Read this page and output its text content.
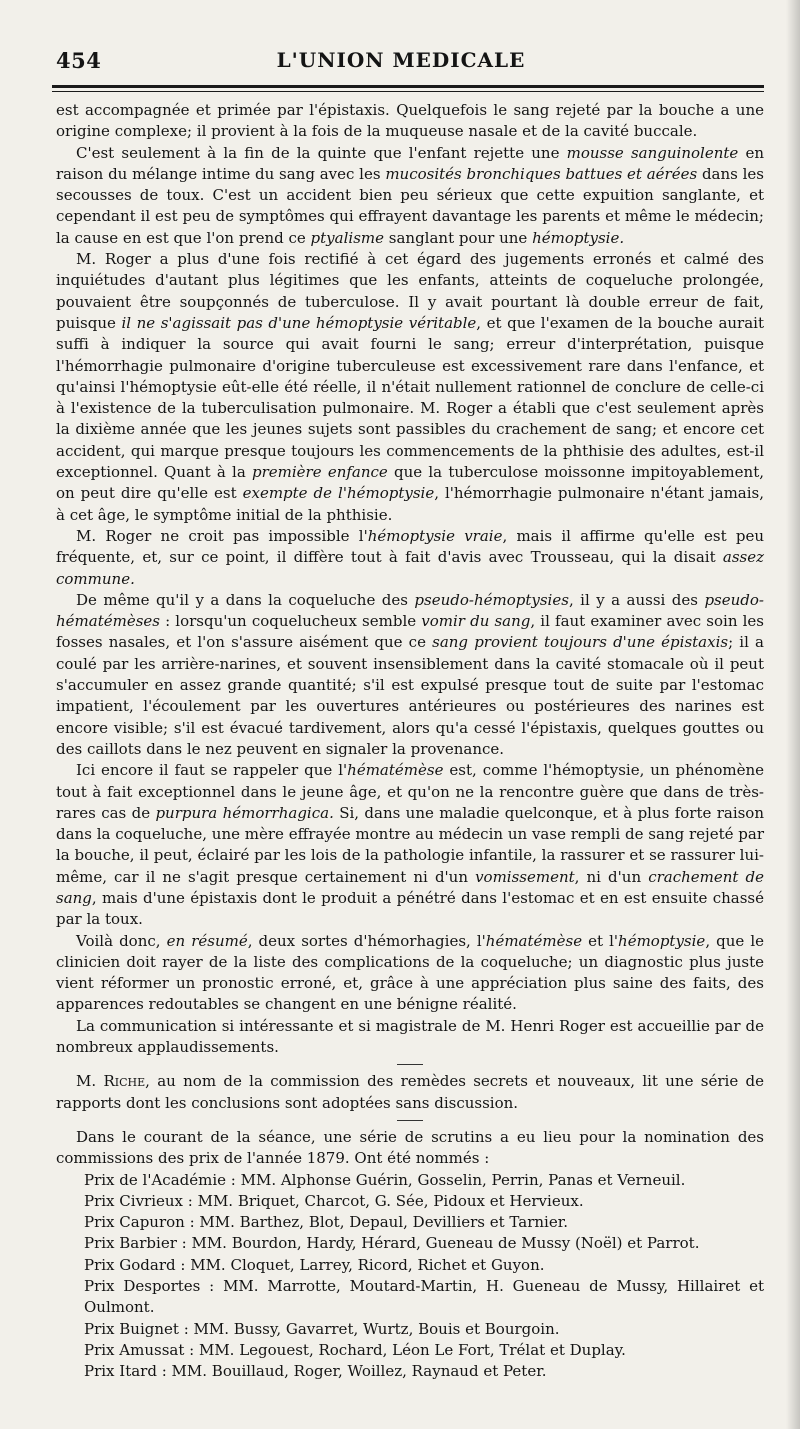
454	L'UNION MEDICALE

est accompagnée et primée par l'épistaxis. Quelquefois le sang rejeté par la bouche a une origine complexe; il provient à la fois de la muqueuse nasale et de la cavité buccale.

C'est seulement à la fin de la quinte que l'enfant rejette une mousse sanguinolente en raison du mélange intime du sang avec les mucosités bronchiques battues et aérées dans les secousses de toux. C'est un accident bien peu sérieux que cette expuition sanglante, et cependant il est peu de symptômes qui effrayent davantage les parents et même le médecin; la cause en est que l'on prend ce ptyalisme sanglant pour une hémoptysie.

M. Roger a plus d'une fois rectifié à cet égard des jugements erronés et calmé des inquiétudes d'autant plus légitimes que les enfants, atteints de coqueluche prolongée, pouvaient être soupçonnés de tuberculose. Il y avait pourtant là double erreur de fait, puisque il ne s'agissait pas d'une hémoptysie véritable, et que l'examen de la bouche aurait suffi à indiquer la source qui avait fourni le sang; erreur d'interprétation, puisque l'hémorrhagie pulmonaire d'origine tuberculeuse est excessivement rare dans l'enfance, et qu'ainsi l'hémoptysie eût-elle été réelle, il n'était nullement rationnel de conclure de celle-ci à l'existence de la tuberculisation pulmonaire. M. Roger a établi que c'est seulement après la dixième année que les jeunes sujets sont passibles du crachement de sang; et encore cet accident, qui marque presque toujours les commencements de la phthisie des adultes, est-il exceptionnel. Quant à la première enfance que la tuberculose moissonne impitoyablement, on peut dire qu'elle est exempte de l'hémoptysie, l'hémorrhagie pulmonaire n'étant jamais, à cet âge, le symptôme initial de la phthisie.

M. Roger ne croit pas impossible l'hémoptysie vraie, mais il affirme qu'elle est peu fréquente, et, sur ce point, il diffère tout à fait d'avis avec Trousseau, qui la disait assez commune.

De même qu'il y a dans la coqueluche des pseudo-hémoptysies, il y a aussi des pseudo-hématémèses : lorsqu'un coquelucheux semble vomir du sang, il faut examiner avec soin les fosses nasales, et l'on s'assure aisément que ce sang provient toujours d'une épistaxis; il a coulé par les arrière-narines, et souvent insensiblement dans la cavité stomacale où il peut s'accumuler en assez grande quantité; s'il est expulsé presque tout de suite par l'estomac impatient, l'écoulement par les ouvertures antérieures ou postérieures des narines est encore visible; s'il est évacué tardivement, alors qu'a cessé l'épistaxis, quelques gouttes ou des caillots dans le nez peuvent en signaler la provenance.

Ici encore il faut se rappeler que l'hématémèse est, comme l'hémoptysie, un phénomène tout à fait exceptionnel dans le jeune âge, et qu'on ne la rencontre guère que dans de très-rares cas de purpura hémorrhagica. Si, dans une maladie quelconque, et à plus forte raison dans la coqueluche, une mère effrayée montre au médecin un vase rempli de sang rejeté par la bouche, il peut, éclairé par les lois de la pathologie infantile, la rassurer et se rassurer lui-même, car il ne s'agit presque certainement ni d'un vomissement, ni d'un crachement de sang, mais d'une épistaxis dont le produit a pénétré dans l'estomac et en est ensuite chassé par la toux.

Voilà donc, en résumé, deux sortes d'hémorhagies, l'hématémèse et l'hémoptysie, que le clinicien doit rayer de la liste des complications de la coqueluche; un diagnostic plus juste vient réformer un pronostic erroné, et, grâce à une appréciation plus saine des faits, des apparences redoutables se changent en une bénigne réalité.

La communication si intéressante et si magistrale de M. Henri Roger est accueillie par de nombreux applaudissements.

M. Riche, au nom de la commission des remèdes secrets et nouveaux, lit une série de rapports dont les conclusions sont adoptées sans discussion.

Dans le courant de la séance, une série de scrutins a eu lieu pour la nomination des commissions des prix de l'année 1879. Ont été nommés :

Prix de l'Académie : MM. Alphonse Guérin, Gosselin, Perrin, Panas et Verneuil.
Prix Civrieux : MM. Briquet, Charcot, G. Sée, Pidoux et Hervieux.
Prix Capuron : MM. Barthez, Blot, Depaul, Devilliers et Tarnier.
Prix Barbier : MM. Bourdon, Hardy, Hérard, Gueneau de Mussy (Noël) et Parrot.
Prix Godard : MM. Cloquet, Larrey, Ricord, Richet et Guyon.
Prix Desportes : MM. Marrotte, Moutard-Martin, H. Gueneau de Mussy, Hillairet et Oulmont.
Prix Buignet : MM. Bussy, Gavarret, Wurtz, Bouis et Bourgoin.
Prix Amussat : MM. Legouest, Rochard, Léon Le Fort, Trélat et Duplay.
Prix Itard : MM. Bouillaud, Roger, Woillez, Raynaud et Peter.
